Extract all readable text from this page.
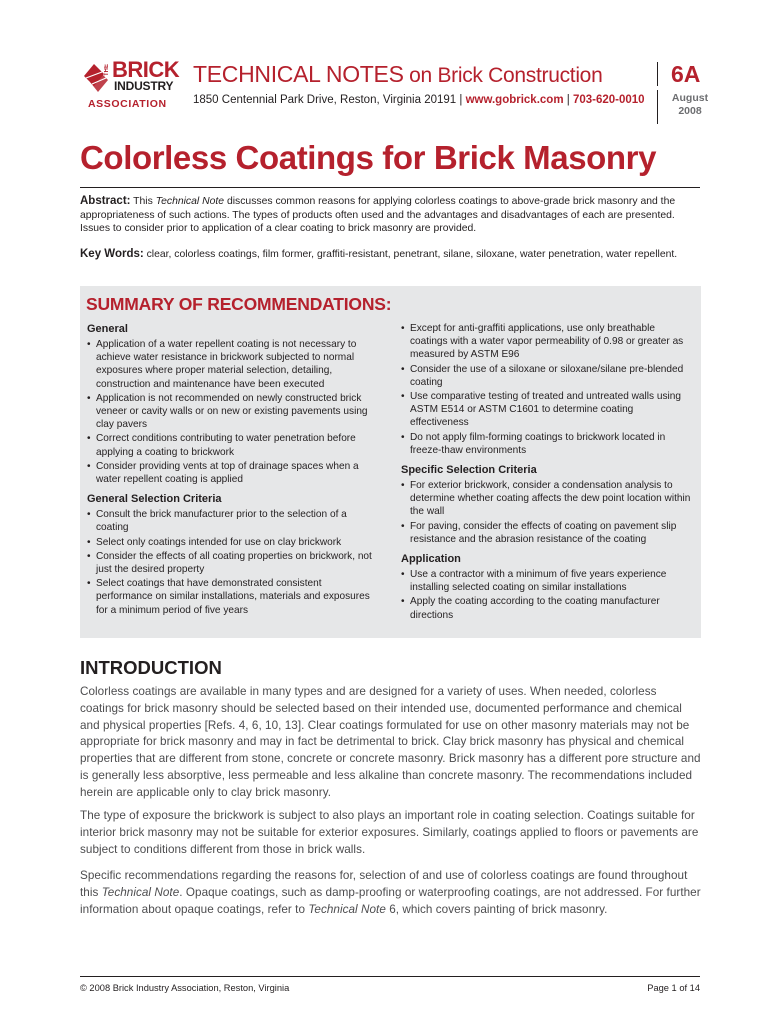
THE BRICK
INDUSTRY
ASSOCIATION
TECHNICAL NOTES on Brick Construction	6A
1850 Centennial Park Drive, Reston, Virginia 20191 | www.gobrick.com | 703-620-0010	August
2008
Colorless Coatings for Brick Masonry
Abstract: This Technical Note discusses common reasons for applying colorless coatings to above-grade brick masonry and the appropriateness of such actions. The types of products often used and the advantages and disadvantages of each are presented. Issues to consider prior to application of a clear coating to brick masonry are provided.
Key Words: clear, colorless coatings, film former, graffiti-resistant, penetrant, silane, siloxane, water penetration, water repellent.
SUMMARY OF RECOMMENDATIONS:
General
• Application of a water repellent coating is not necessary to achieve water resistance in brickwork subjected to normal exposures where proper material selection, detailing, construction and maintenance have been executed
• Application is not recommended on newly constructed brick veneer or cavity walls or on new or existing pavements using clay pavers
• Correct conditions contributing to water penetration before applying a coating to brickwork
• Consider providing vents at top of drainage spaces when a water repellent coating is applied
General Selection Criteria
• Consult the brick manufacturer prior to the selection of a coating
• Select only coatings intended for use on clay brickwork
• Consider the effects of all coating properties on brickwork, not just the desired property
• Select coatings that have demonstrated consistent performance on similar installations, materials and exposures for a minimum period of five years
• Except for anti-graffiti applications, use only breathable coatings with a water vapor permeability of 0.98 or greater as measured by ASTM E96
• Consider the use of a siloxane or siloxane/silane pre-blended coating
• Use comparative testing of treated and untreated walls using ASTM E514 or ASTM C1601 to determine coating effectiveness
• Do not apply film-forming coatings to brickwork located in freeze-thaw environments
Specific Selection Criteria
• For exterior brickwork, consider a condensation analysis to determine whether coating affects the dew point location within the wall
• For paving, consider the effects of coating on pavement slip resistance and the abrasion resistance of the coating
Application
• Use a contractor with a minimum of five years experience installing selected coating on similar installations
• Apply the coating according to the coating manufacturer directions
INTRODUCTION

Colorless coatings are available in many types and are designed for a variety of uses. When needed, colorless coatings for brick masonry should be selected based on their intended use, documented performance and chemical and physical properties [Refs. 4, 6, 10, 13]. Clear coatings formulated for use on other masonry materials may not be appropriate for brick masonry and may in fact be detrimental to brick. Clay brick masonry has physical and chemical properties that are different from stone, concrete or concrete masonry. Brick masonry has a different pore structure and is generally less absorptive, less permeable and less alkaline than concrete masonry. The recommendations included herein are applicable only to clay brick masonry.

The type of exposure the brickwork is subject to also plays an important role in coating selection. Coatings suitable for interior brick masonry may not be suitable for exterior exposures. Similarly, coatings applied to floors or pavements are subject to conditions different from those in brick walls.

Specific recommendations regarding the reasons for, selection of and use of colorless coatings are found throughout this Technical Note. Opaque coatings, such as damp-proofing or waterproofing coatings, are not addressed. For further information about opaque coatings, refer to Technical Note 6, which covers painting of brick masonry.

© 2008 Brick Industry Association, Reston, Virginia	Page 1 of 14
